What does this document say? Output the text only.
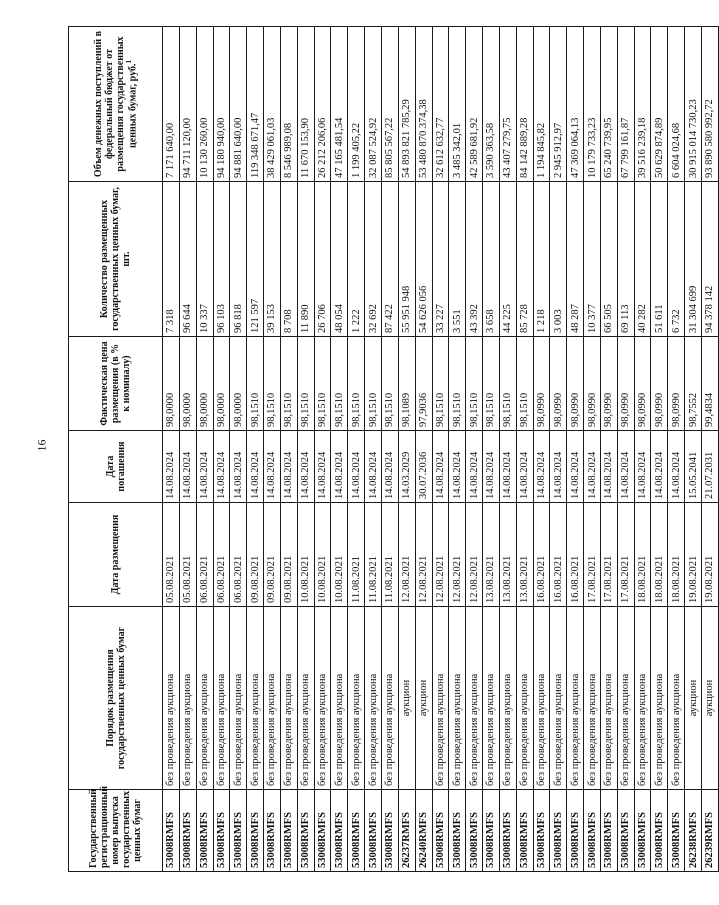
16
Государственный регистрационный номер выпуска государственных ценных бумаг	Порядок размещения государственных ценных бумаг	Дата размещения	Дата погашения	Фактическая цена размещения (в % к номиналу)	Количество размещенных государственных ценных бумаг, шт.	Объем денежных поступлений в федеральный бюджет от размещения государственных ценных бумаг, руб.$^1$
53008RMFS	без проведения аукциона	05.08.2021	14.08.2024	98,0000	7 318	7 171 640,00
53008RMFS	без проведения аукциона	05.08.2021	14.08.2024	98,0000	96 644	94 711 120,00
53008RMFS	без проведения аукциона	06.08.2021	14.08.2024	98,0000	10 337	10 130 260,00
53008RMFS	без проведения аукциона	06.08.2021	14.08.2024	98,0000	96 103	94 180 940,00
53008RMFS	без проведения аукциона	06.08.2021	14.08.2024	98,0000	96 818	94 881 640,00
53008RMFS	без проведения аукциона	09.08.2021	14.08.2024	98,1510	121 597	119 348 671,47
53008RMFS	без проведения аукциона	09.08.2021	14.08.2024	98,1510	39 153	38 429 061,03
53008RMFS	без проведения аукциона	09.08.2021	14.08.2024	98,1510	8 708	8 546 989,08
53008RMFS	без проведения аукциона	10.08.2021	14.08.2024	98,1510	11 890	11 670 153,90
53008RMFS	без проведения аукциона	10.08.2021	14.08.2024	98,1510	26 706	26 212 206,06
53008RMFS	без проведения аукциона	10.08.2021	14.08.2024	98,1510	48 054	47 165 481,54
53008RMFS	без проведения аукциона	11.08.2021	14.08.2024	98,1510	1 222	1 199 405,22
53008RMFS	без проведения аукциона	11.08.2021	14.08.2024	98,1510	32 692	32 087 524,92
53008RMFS	без проведения аукциона	11.08.2021	14.08.2024	98,1510	87 422	85 805 567,22
26237RMFS	аукцион	12.08.2021	14.03.2029	98,1089	55 951 948	54 893 821 785,29
26240RMFS	аукцион	12.08.2021	30.07.2036	97,9036	54 626 056	53 480 870 374,38
53008RMFS	без проведения аукциона	12.08.2021	14.08.2024	98,1510	33 227	32 612 632,77
53008RMFS	без проведения аукциона	12.08.2021	14.08.2024	98,1510	3 551	3 485 342,01
53008RMFS	без проведения аукциона	12.08.2021	14.08.2024	98,1510	43 392	42 589 681,92
53008RMFS	без проведения аукциона	13.08.2021	14.08.2024	98,1510	3 658	3 590 363,58
53008RMFS	без проведения аукциона	13.08.2021	14.08.2024	98,1510	44 225	43 407 279,75
53008RMFS	без проведения аукциона	13.08.2021	14.08.2024	98,1510	85 728	84 142 889,28
53008RMFS	без проведения аукциона	16.08.2021	14.08.2024	98,0990	1 218	1 194 845,82
53008RMFS	без проведения аукциона	16.08.2021	14.08.2024	98,0990	3 003	2 945 912,97
53008RMFS	без проведения аукциона	16.08.2021	14.08.2024	98,0990	48 287	47 369 064,13
53008RMFS	без проведения аукциона	17.08.2021	14.08.2024	98,0990	10 377	10 179 733,23
53008RMFS	без проведения аукциона	17.08.2021	14.08.2024	98,0990	66 505	65 240 739,95
53008RMFS	без проведения аукциона	17.08.2021	14.08.2024	98,0990	69 113	67 799 161,87
53008RMFS	без проведения аукциона	18.08.2021	14.08.2024	98,0990	40 282	39 516 239,18
53008RMFS	без проведения аукциона	18.08.2021	14.08.2024	98,0990	51 611	50 629 874,89
53008RMFS	без проведения аукциона	18.08.2021	14.08.2024	98,0990	6 732	6 604 024,68
26238RMFS	аукцион	19.08.2021	15.05.2041	98,7552	31 304 699	30 915 014 730,23
26239RMFS	аукцион	19.08.2021	21.07.2031	99,4834	94 378 142	93 890 580 992,72
